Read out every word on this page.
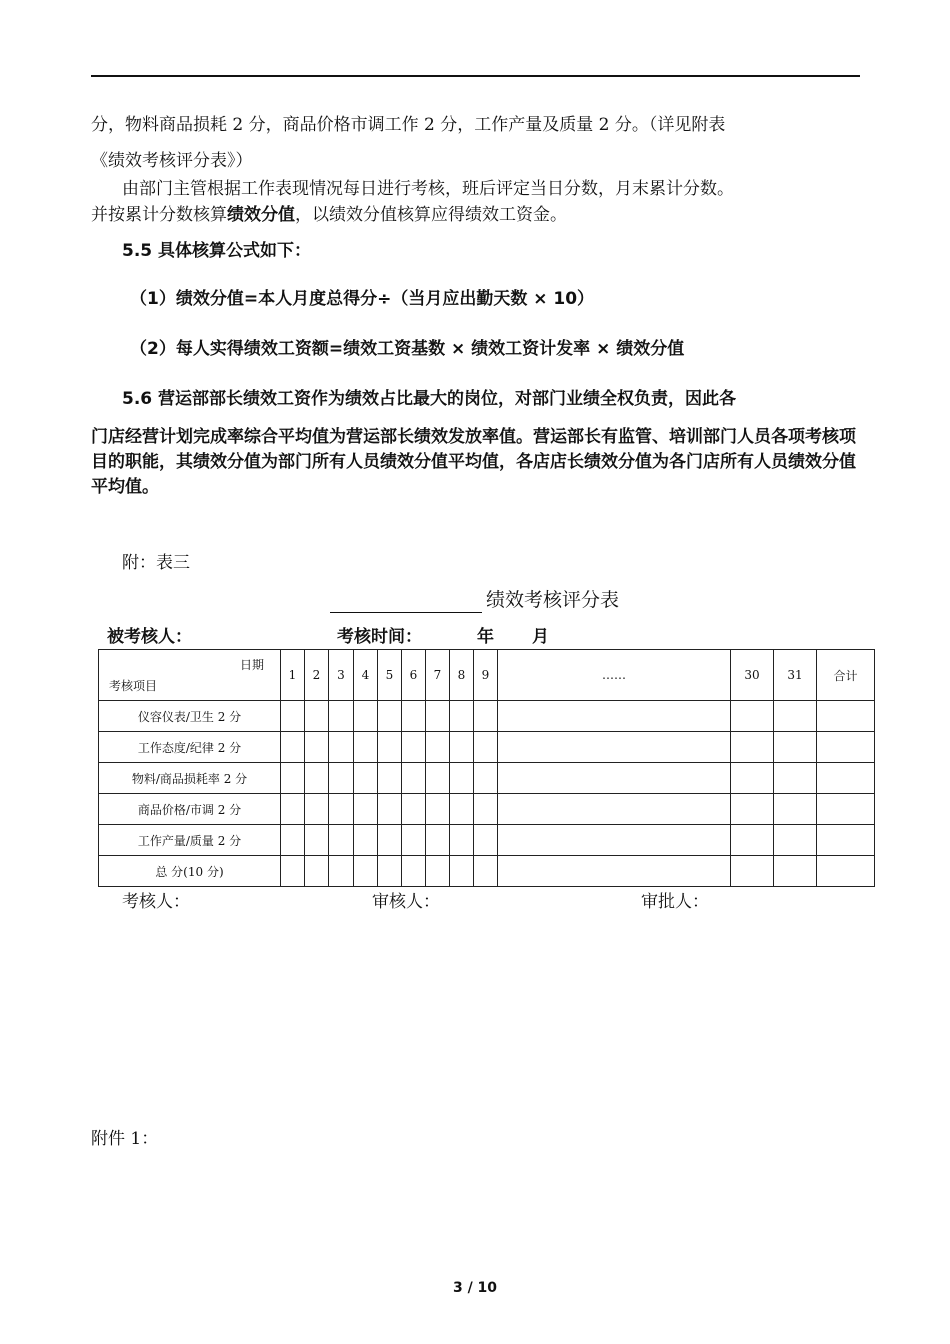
分，物料商品损耗 2 分，商品价格市调工作 2 分，工作产量及质量 2 分。（详见附表
《绩效考核评分表》）
由部门主管根据工作表现情况每日进行考核，班后评定当日分数，月末累计分数。
并按累计分数核算绩效分值，以绩效分值核算应得绩效工资金。
5.5 具体核算公式如下：
（1）绩效分值=本人月度总得分÷（当月应出勤天数 × 10）
（2）每人实得绩效工资额=绩效工资基数 × 绩效工资计发率 × 绩效分值
5.6 营运部部长绩效工资作为绩效占比最大的岗位，对部门业绩全权负责，因此各
门店经营计划完成率综合平均值为营运部长绩效发放率值。营运部长有监管、培训部门人员各项考核项目的职能，其绩效分值为部门所有人员绩效分值平均值，各店店长绩效分值为各门店所有人员绩效分值平均值。
附：表三
绩效考核评分表
被考核人：	考核时间：	年 月
日期
考核项目	1	2	3	4	5	6	7	8	9	……	30	31	合计
仪容仪表/卫生 2 分													
工作态度/纪律 2 分													
物料/商品损耗率 2 分													
商品价格/市调 2 分													
工作产量/质量 2 分													
总 分(10 分)													
考核人：	审核人：	审批人：
附件 1：
3 / 10
